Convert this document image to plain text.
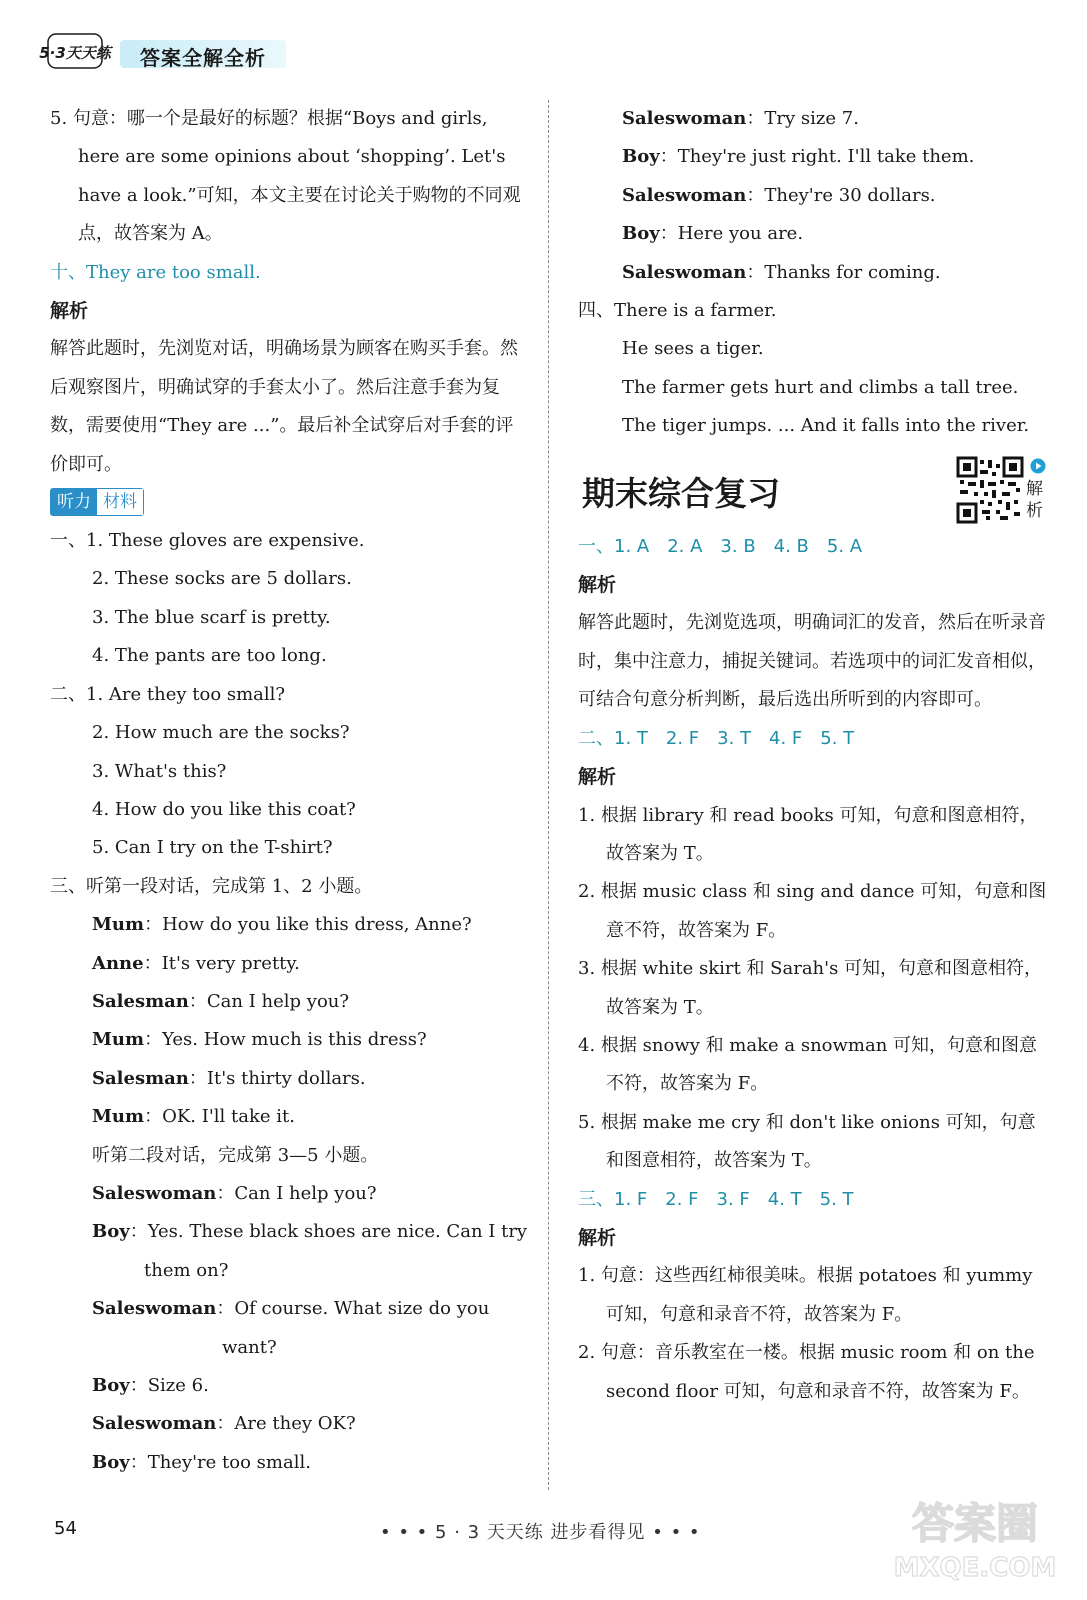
5·3天天练 答案全解全析

5. 句意：哪一个是最好的标题？根据“Boys and girls, here are some opinions about ‘shopping’. Let's have a look.”可知，本文主要在讨论关于购物的不同观点，故答案为 A。

十、They are too small.

解析

解答此题时，先浏览对话，明确场景为顾客在购买手套。然后观察图片，明确试穿的手套太小了。然后注意手套为复数，需要使用“They are ...”。最后补全试穿后对手套的评价即可。

听力 材料

一、1. These gloves are expensive.

2. These socks are 5 dollars.

3. The blue scarf is pretty.

4. The pants are too long.

二、1. Are they too small?

2. How much are the socks?

3. What's this?

4. How do you like this coat?

5. Can I try on the T-shirt?

三、听第一段对话，完成第 1、2 小题。

Mum：How do you like this dress, Anne?

Anne：It's very pretty.

Salesman：Can I help you?

Mum：Yes. How much is this dress?

Salesman：It's thirty dollars.

Mum：OK. I'll take it.

听第二段对话，完成第 3—5 小题。

Saleswoman：Can I help you?

Boy：Yes. These black shoes are nice. Can I try them on?

Saleswoman：Of course. What size do you want?

Boy：Size 6.

Saleswoman：Are they OK?

Boy：They're too small.

Saleswoman：Try size 7.

Boy：They're just right. I'll take them.

Saleswoman：They're 30 dollars.

Boy：Here you are.

Saleswoman：Thanks for coming.

四、There is a farmer.

He sees a tiger.

The farmer gets hurt and climbs a tall tree.

The tiger jumps. ... And it falls into the river.

期末综合复习

一、1. A　2. A　3. B　4. B　5. A

解析

解答此题时，先浏览选项，明确词汇的发音，然后在听录音时，集中注意力，捕捉关键词。若选项中的词汇发音相似，可结合句意分析判断，最后选出所听到的内容即可。

二、1. T　2. F　3. T　4. F　5. T

解析

1. 根据 library 和 read books 可知，句意和图意相符，故答案为 T。

2. 根据 music class 和 sing and dance 可知，句意和图意不符，故答案为 F。

3. 根据 white skirt 和 Sarah's 可知，句意和图意相符，故答案为 T。

4. 根据 snowy 和 make a snowman 可知，句意和图意不符，故答案为 F。

5. 根据 make me cry 和 don't like onions 可知，句意和图意相符，故答案为 T。

三、1. F　2. F　3. F　4. T　5. T

解析

1. 句意：这些西红柿很美味。根据 potatoes 和 yummy 可知，句意和录音不符，故答案为 F。

2. 句意：音乐教室在一楼。根据 music room 和 on the second floor 可知，句意和录音不符，故答案为 F。

解析
54	• • • 5 · 3 天天练 进步看得见 • • •	答案圈
MXQE.COM
